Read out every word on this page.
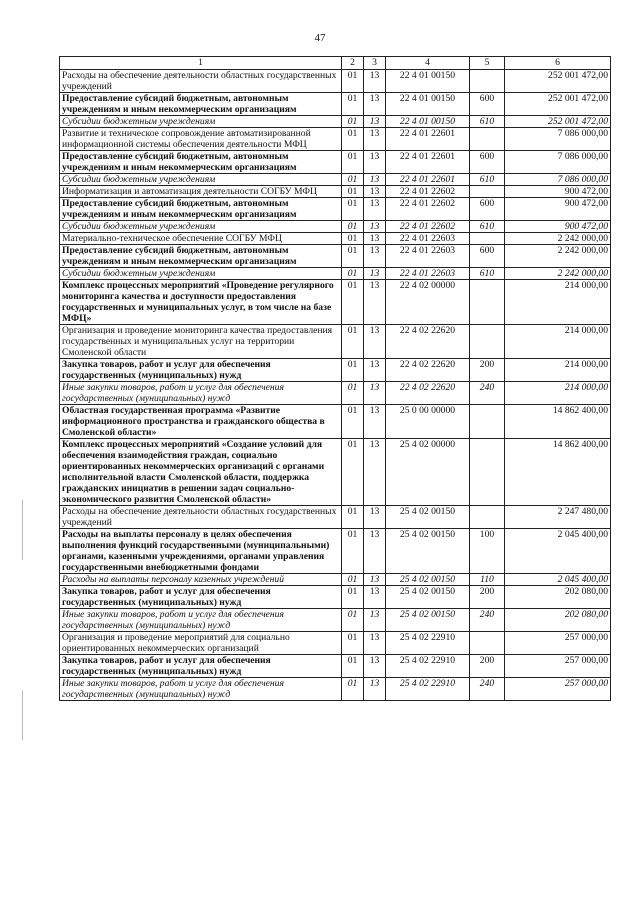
47
1	2	3	4	5	6
Расходы на обеспечение деятельности областных государственных учреждений	01	13	22 4 01 00150		252 001 472,00
Предоставление субсидий бюджетным, автономным учреждениям и иным некоммерческим организациям	01	13	22 4 01 00150	600	252 001 472,00
Субсидии бюджетным учреждениям	01	13	22 4 01 00150	610	252 001 472,00
Развитие и техническое сопровождение автоматизированной информационной системы обеспечения деятельности МФЦ	01	13	22 4 01 22601		7 086 000,00
Предоставление субсидий бюджетным, автономным учреждениям и иным некоммерческим организациям	01	13	22 4 01 22601	600	7 086 000,00
Субсидии бюджетным учреждениям	01	13	22 4 01 22601	610	7 086 000,00
Информатизация и автоматизация деятельности СОГБУ МФЦ	01	13	22 4 01 22602		900 472,00
Предоставление субсидий бюджетным, автономным учреждениям и иным некоммерческим организациям	01	13	22 4 01 22602	600	900 472,00
Субсидии бюджетным учреждениям	01	13	22 4 01 22602	610	900 472,00
Материально-техническое обеспечение СОГБУ МФЦ	01	13	22 4 01 22603		2 242 000,00
Предоставление субсидий бюджетным, автономным учреждениям и иным некоммерческим организациям	01	13	22 4 01 22603	600	2 242 000,00
Субсидии бюджетным учреждениям	01	13	22 4 01 22603	610	2 242 000,00
Комплекс процессных мероприятий «Проведение регулярного мониторинга качества и доступности предоставления государственных и муниципальных услуг, в том числе на базе МФЦ»	01	13	22 4 02 00000		214 000,00
Организация и проведение мониторинга качества предоставления государственных и муниципальных услуг на территории Смоленской области	01	13	22 4 02 22620		214 000,00
Закупка товаров, работ и услуг для обеспечения государственных (муниципальных) нужд	01	13	22 4 02 22620	200	214 000,00
Иные закупки товаров, работ и услуг для обеспечения государственных (муниципальных) нужд	01	13	22 4 02 22620	240	214 000,00
Областная государственная программа «Развитие информационного пространства и гражданского общества в Смоленской области»	01	13	25 0 00 00000		14 862 400,00
Комплекс процессных мероприятий «Создание условий для обеспечения взаимодействия граждан, социально ориентированных некоммерческих организаций с органами исполнительной власти Смоленской области, поддержка гражданских инициатив в решении задач социально-экономического развития Смоленской области»	01	13	25 4 02 00000		14 862 400,00
Расходы на обеспечение деятельности областных государственных учреждений	01	13	25 4 02 00150		2 247 480,00
Расходы на выплаты персоналу в целях обеспечения выполнения функций государственными (муниципальными) органами, казенными учреждениями, органами управления государственными внебюджетными фондами	01	13	25 4 02 00150	100	2 045 400,00
Расходы на выплаты персоналу казенных учреждений	01	13	25 4 02 00150	110	2 045 400,00
Закупка товаров, работ и услуг для обеспечения государственных (муниципальных) нужд	01	13	25 4 02 00150	200	202 080,00
Иные закупки товаров, работ и услуг для обеспечения государственных (муниципальных) нужд	01	13	25 4 02 00150	240	202 080,00
Организация и проведение мероприятий для социально ориентированных некоммерческих организаций	01	13	25 4 02 22910		257 000,00
Закупка товаров, работ и услуг для обеспечения государственных (муниципальных) нужд	01	13	25 4 02 22910	200	257 000,00
Иные закупки товаров, работ и услуг для обеспечения государственных (муниципальных) нужд	01	13	25 4 02 22910	240	257 000,00
